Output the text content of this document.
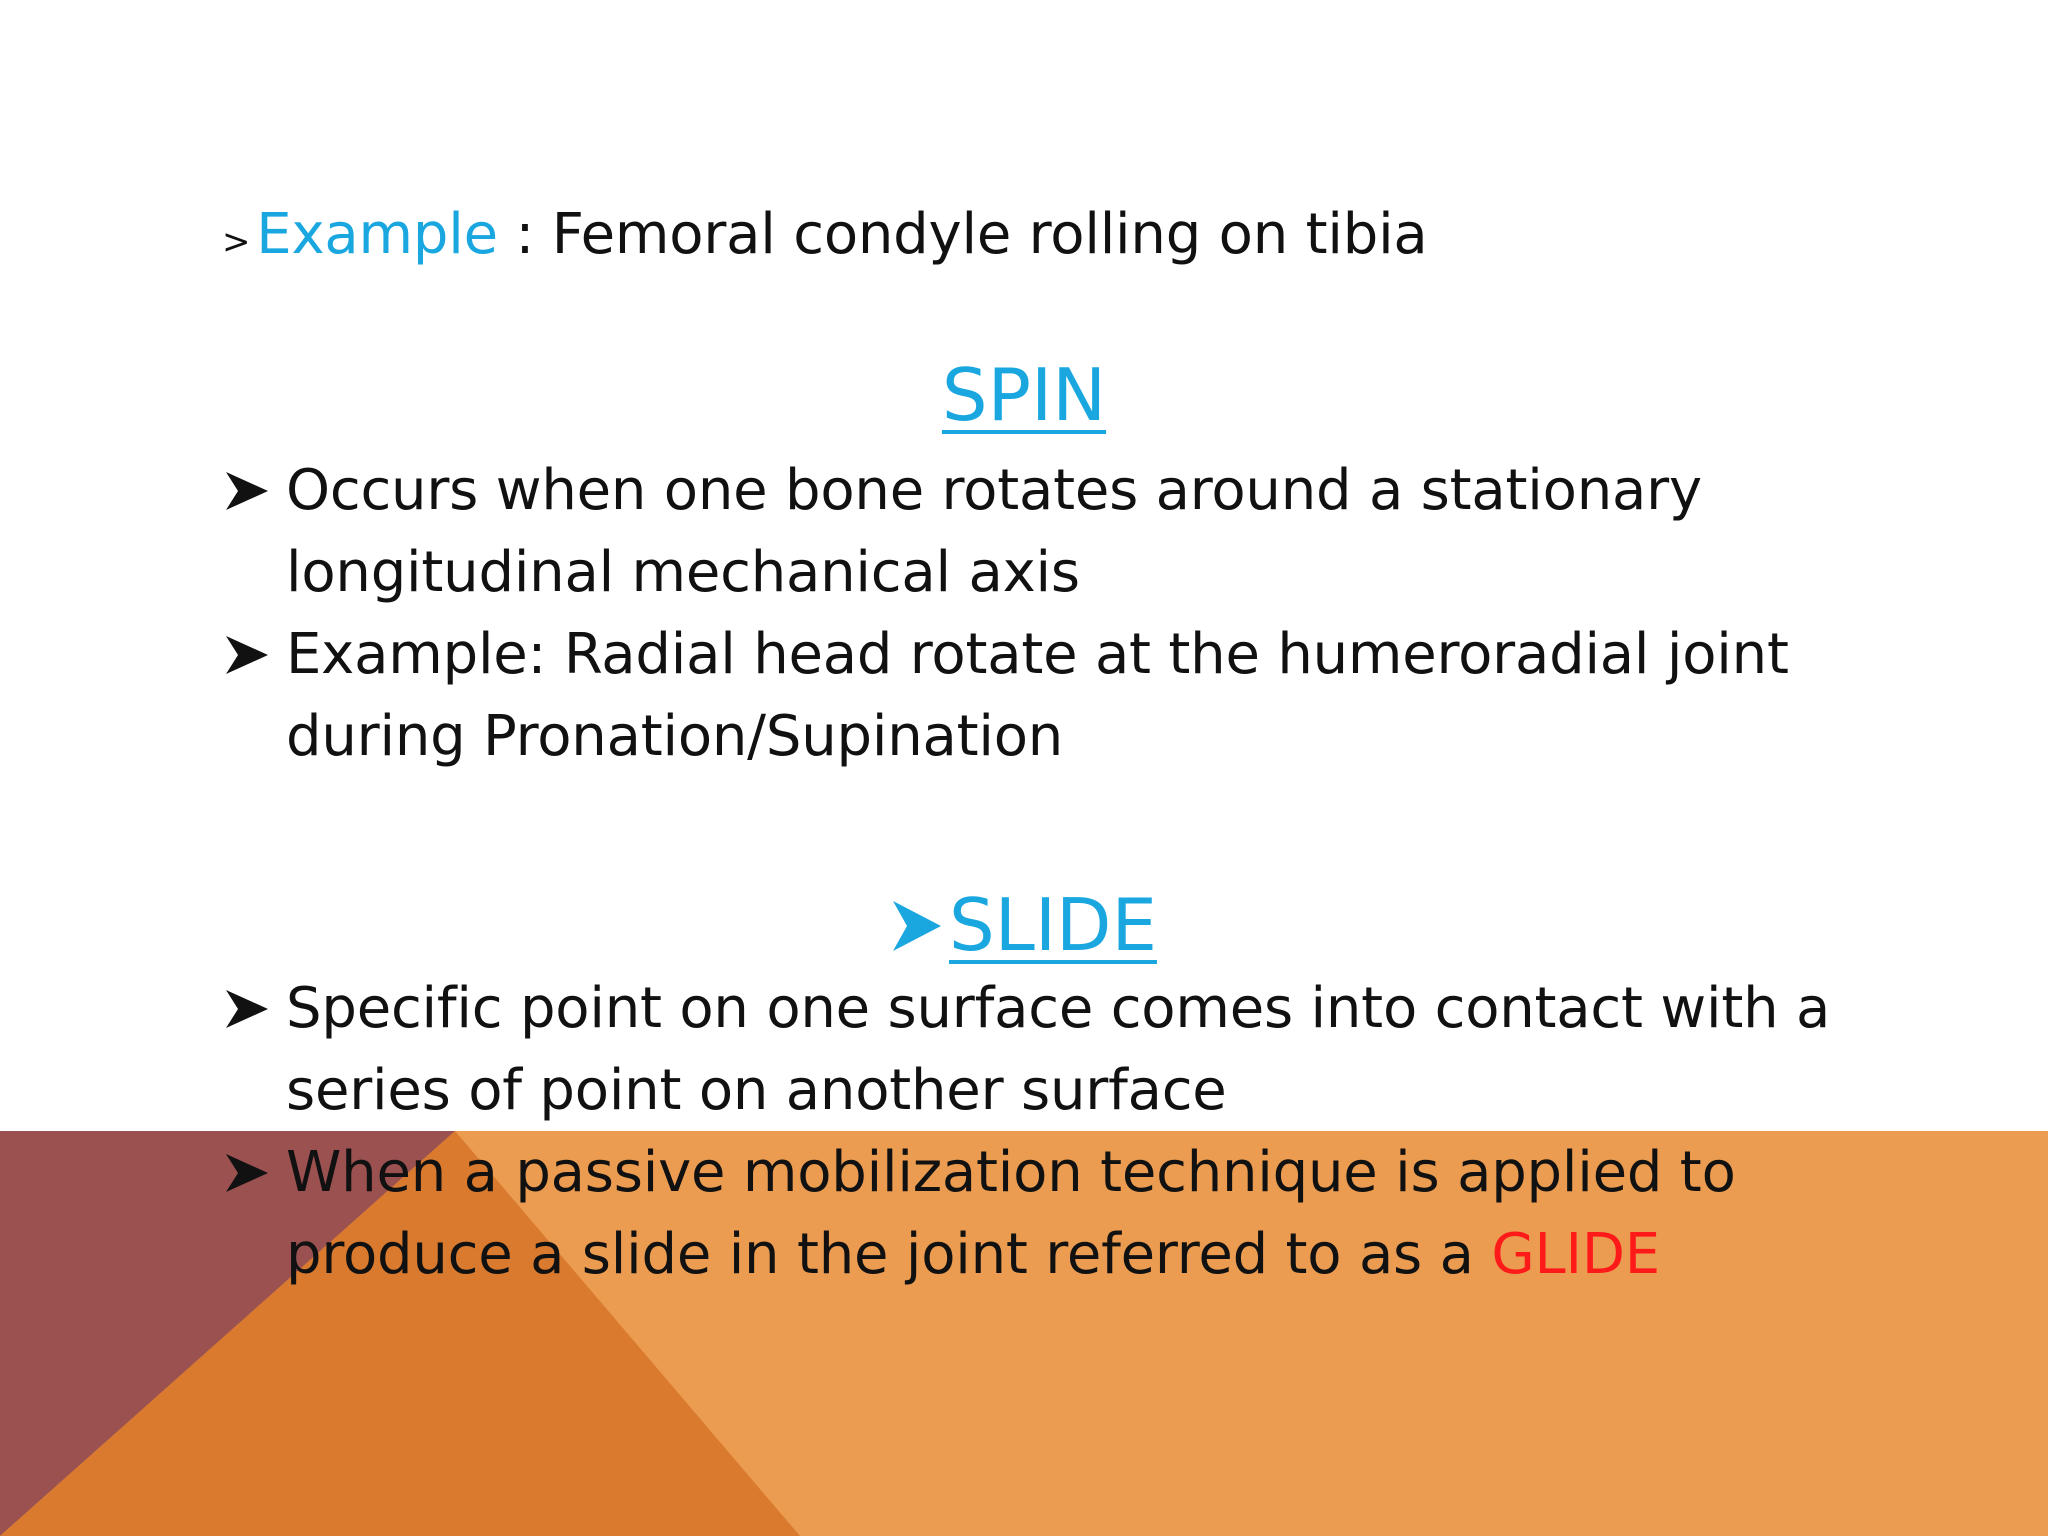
> Example : Femoral condyle rolling on tibia
SPIN
Occurs when one bone rotates around a stationary longitudinal mechanical axis
Example: Radial head rotate at the humeroradial joint during Pronation/Supination
SLIDE
Specific point on one surface comes into contact with a series of point on another surface
When a passive mobilization technique is applied to produce a slide in the joint referred to as a GLIDE
